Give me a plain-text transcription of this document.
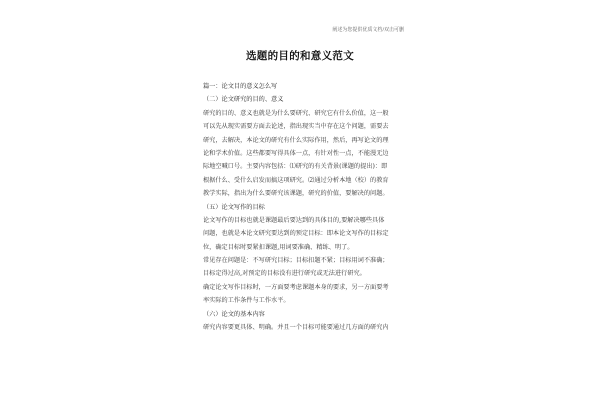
阐述为您提供优质文档/双击可删
选题的目的和意义范文
篇一：论文目的意义怎么写
（二）论文研究的目的、意义
研究的目的、意义也就是为什么要研究、研究它有什么价值，这一般
可以先从现实需要方面去论述，指出现实当中存在这个问题，需要去
研究，去解决，本论文的研究有什么实际作用，然后，再写论文的理
论和学术价值。这些都要写得具体一点，有针对性一点，不能漫无边
际地空喊口号。主要内容包括：⑴研究的有关背景(课题的提出)：即
根据什么、受什么启发而搞这项研究。⑵通过分析本地（校）的教育
教学实际，指出为什么要研究该课题，研究的价值，要解决的问题。
（五）论文写作的目标
论文写作的目标也就是课题最后要达到的具体目的,要解决哪些具体
问题，也就是本论文研究要达到的预定目标：即本论文写作的目标定
位，确定目标时要紧扣课题,用词要准确、精练、明了。
常见存在问题是：不写研究目标；目标扣题不紧；目标用词不准确；
目标定得过高,对预定的目标没有进行研究或无法进行研究。
确定论文写作目标时，一方面要考虑课题本身的要求，另一方面要考
率实际的工作条件与工作水平。
（六）论文的基本内容
研究内容要更具体、明确。并且一个目标可能要通过几方面的研究内
